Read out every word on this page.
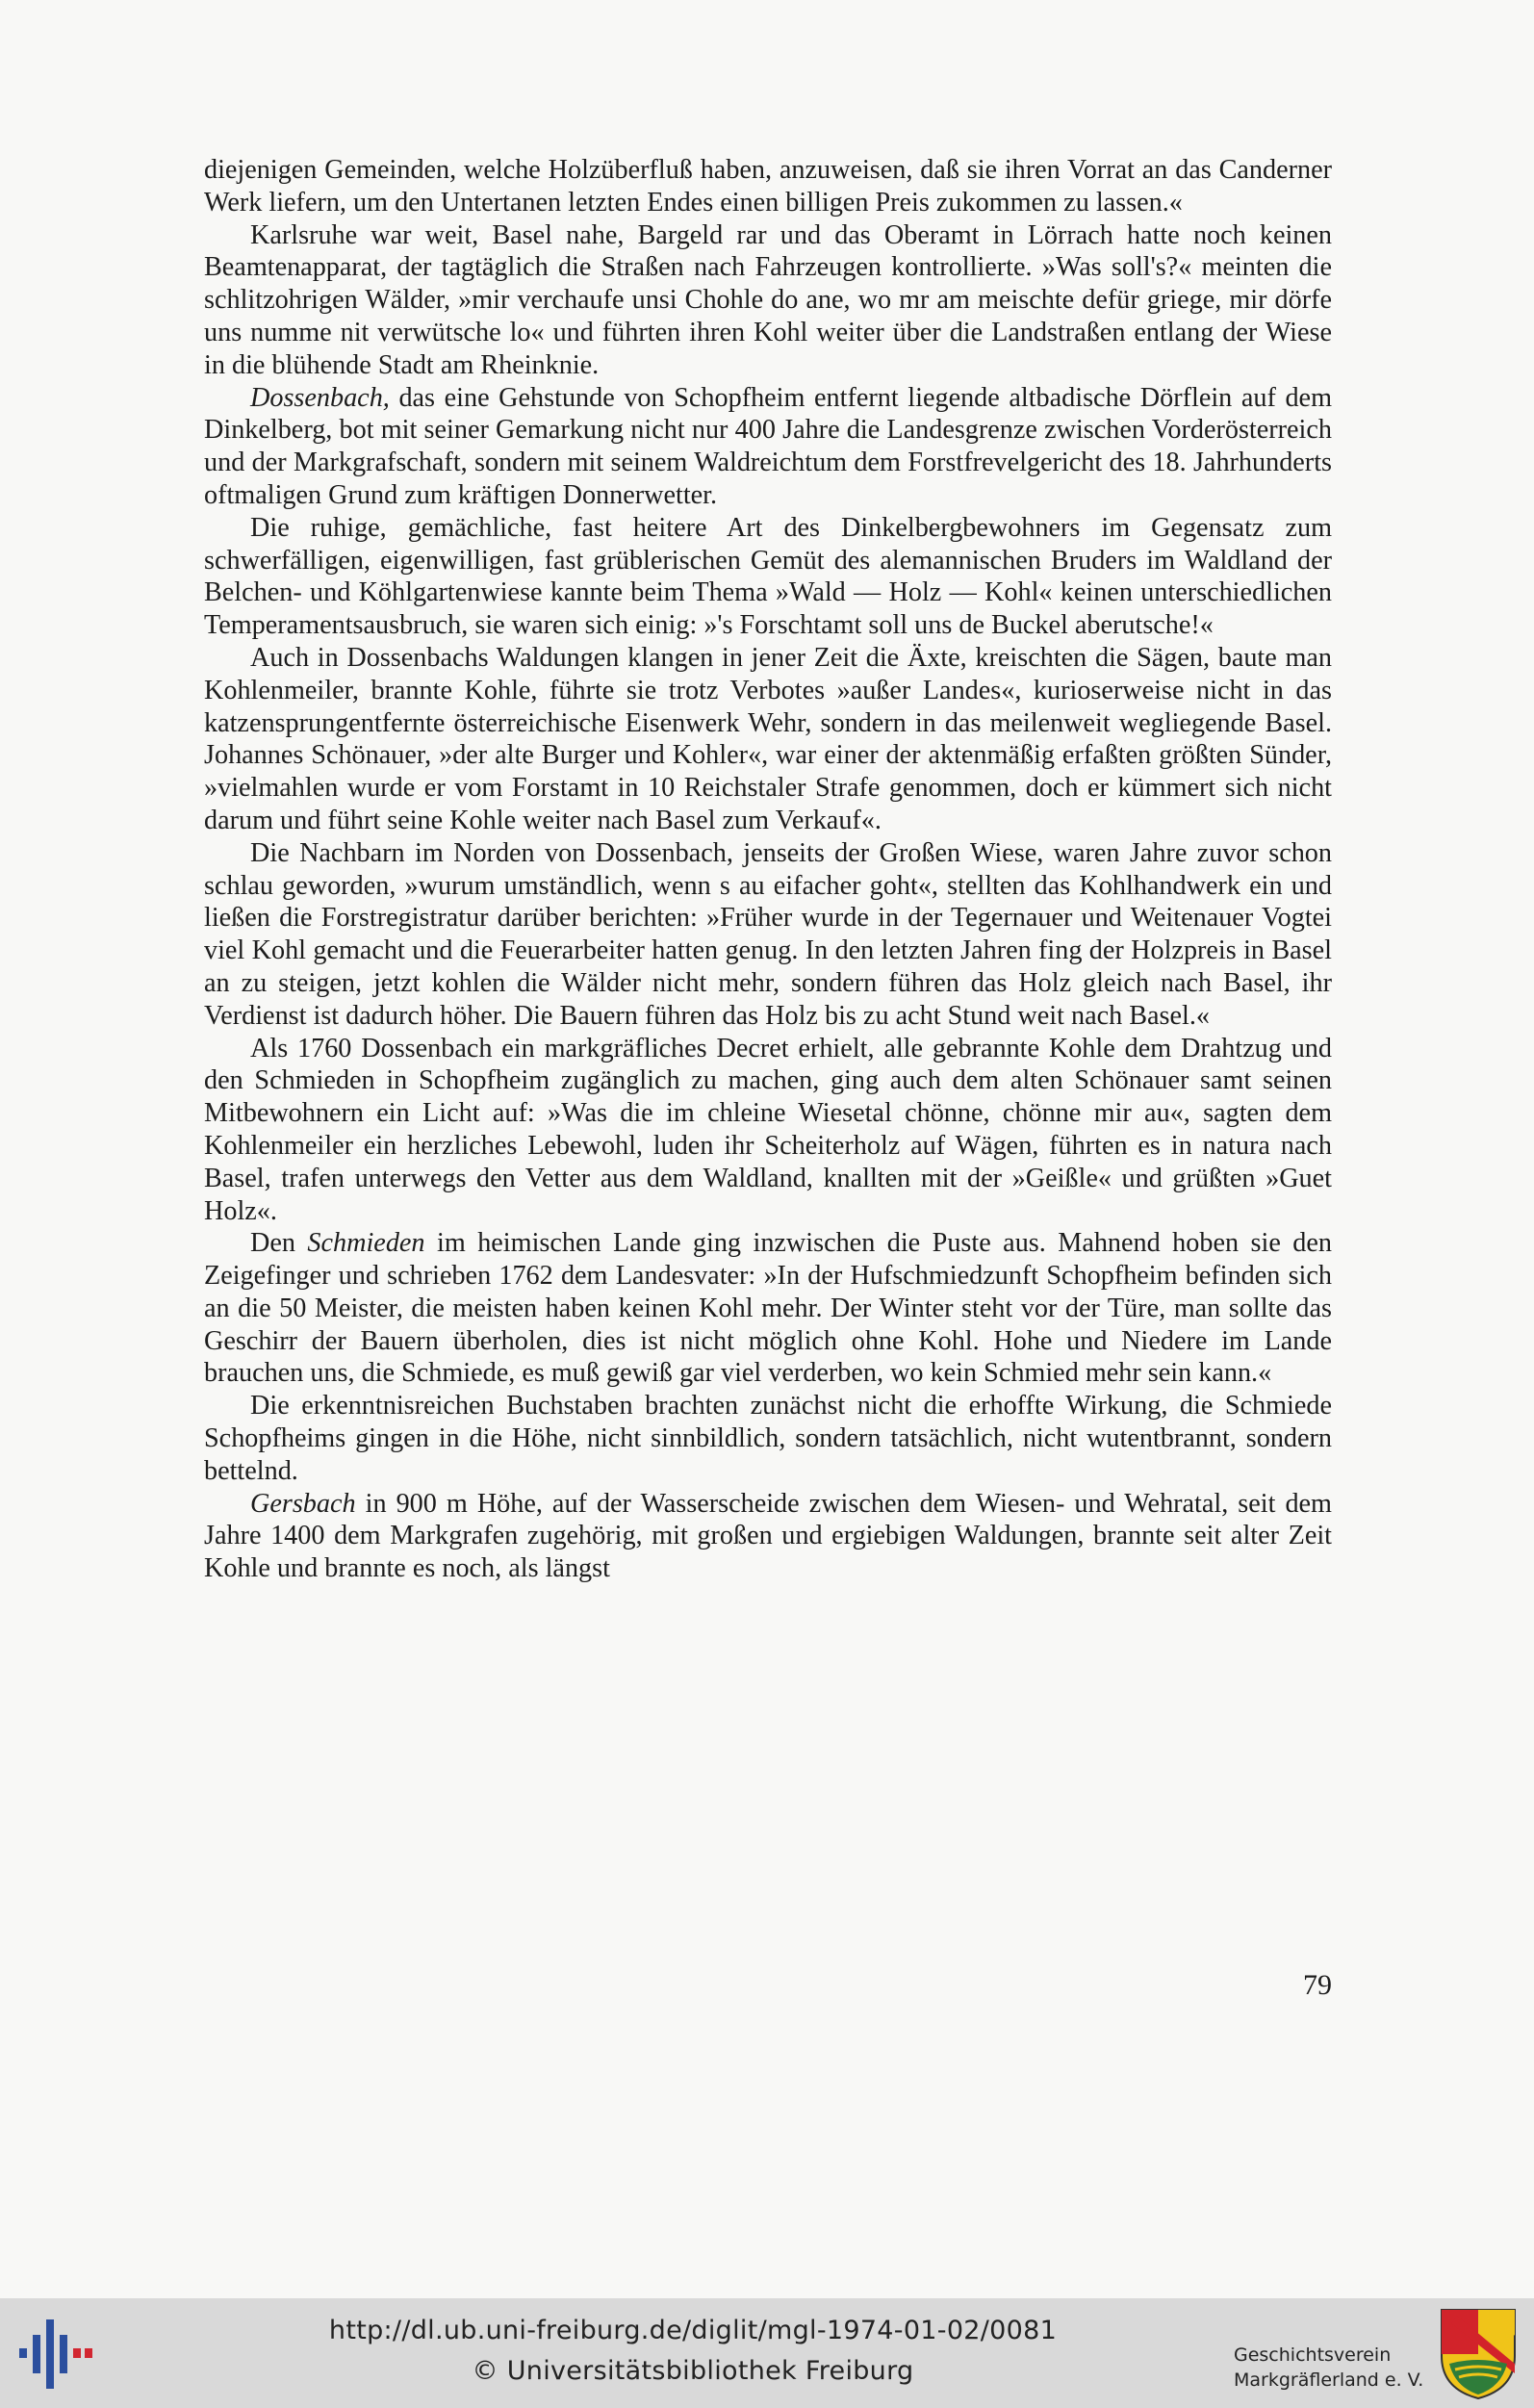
diejenigen Gemeinden, welche Holzüberfluß haben, anzuweisen, daß sie ihren Vorrat an das Canderner Werk liefern, um den Untertanen letzten Endes einen billigen Preis zukommen zu lassen.«

Karlsruhe war weit, Basel nahe, Bargeld rar und das Oberamt in Lörrach hatte noch keinen Beamtenapparat, der tagtäglich die Straßen nach Fahrzeugen kontrollierte. »Was soll's?« meinten die schlitzohrigen Wälder, »mir verchaufe unsi Chohle do ane, wo mr am meischte defür griege, mir dörfe uns numme nit verwütsche lo« und führten ihren Kohl weiter über die Landstraßen entlang der Wiese in die blühende Stadt am Rheinknie.

Dossenbach, das eine Gehstunde von Schopfheim entfernt liegende altbadische Dörflein auf dem Dinkelberg, bot mit seiner Gemarkung nicht nur 400 Jahre die Landesgrenze zwischen Vorderösterreich und der Markgrafschaft, sondern mit seinem Waldreichtum dem Forstfrevelgericht des 18. Jahrhunderts oftmaligen Grund zum kräftigen Donnerwetter.

Die ruhige, gemächliche, fast heitere Art des Dinkelbergbewohners im Gegensatz zum schwerfälligen, eigenwilligen, fast grüblerischen Gemüt des alemannischen Bruders im Waldland der Belchen- und Köhlgartenwiese kannte beim Thema »Wald — Holz — Kohl« keinen unterschiedlichen Temperamentsausbruch, sie waren sich einig: »'s Forschtamt soll uns de Buckel aberutsche!«

Auch in Dossenbachs Waldungen klangen in jener Zeit die Äxte, kreischten die Sägen, baute man Kohlenmeiler, brannte Kohle, führte sie trotz Verbotes »außer Landes«, kurioserweise nicht in das katzensprungentfernte österreichische Eisenwerk Wehr, sondern in das meilenweit wegliegende Basel. Johannes Schönauer, »der alte Burger und Kohler«, war einer der aktenmäßig erfaßten größten Sünder, »vielmahlen wurde er vom Forstamt in 10 Reichstaler Strafe genommen, doch er kümmert sich nicht darum und führt seine Kohle weiter nach Basel zum Verkauf«.

Die Nachbarn im Norden von Dossenbach, jenseits der Großen Wiese, waren Jahre zuvor schon schlau geworden, »wurum umständlich, wenn s au eifacher goht«, stellten das Kohlhandwerk ein und ließen die Forstregistratur darüber berichten: »Früher wurde in der Tegernauer und Weitenauer Vogtei viel Kohl gemacht und die Feuerarbeiter hatten genug. In den letzten Jahren fing der Holzpreis in Basel an zu steigen, jetzt kohlen die Wälder nicht mehr, sondern führen das Holz gleich nach Basel, ihr Verdienst ist dadurch höher. Die Bauern führen das Holz bis zu acht Stund weit nach Basel.«

Als 1760 Dossenbach ein markgräfliches Decret erhielt, alle gebrannte Kohle dem Drahtzug und den Schmieden in Schopfheim zugänglich zu machen, ging auch dem alten Schönauer samt seinen Mitbewohnern ein Licht auf: »Was die im chleine Wiesetal chönne, chönne mir au«, sagten dem Kohlenmeiler ein herzliches Lebewohl, luden ihr Scheiterholz auf Wägen, führten es in natura nach Basel, trafen unterwegs den Vetter aus dem Waldland, knallten mit der »Geißle« und grüßten »Guet Holz«.

Den Schmieden im heimischen Lande ging inzwischen die Puste aus. Mahnend hoben sie den Zeigefinger und schrieben 1762 dem Landesvater: »In der Hufschmiedzunft Schopfheim befinden sich an die 50 Meister, die meisten haben keinen Kohl mehr. Der Winter steht vor der Türe, man sollte das Geschirr der Bauern überholen, dies ist nicht möglich ohne Kohl. Hohe und Niedere im Lande brauchen uns, die Schmiede, es muß gewiß gar viel verderben, wo kein Schmied mehr sein kann.«

Die erkenntnisreichen Buchstaben brachten zunächst nicht die erhoffte Wirkung, die Schmiede Schopfheims gingen in die Höhe, nicht sinnbildlich, sondern tatsächlich, nicht wutentbrannt, sondern bettelnd.

Gersbach in 900 m Höhe, auf der Wasserscheide zwischen dem Wiesen- und Wehratal, seit dem Jahre 1400 dem Markgrafen zugehörig, mit großen und ergiebigen Waldungen, brannte seit alter Zeit Kohle und brannte es noch, als längst

79
http://dl.ub.uni-freiburg.de/diglit/mgl-1974-01-02/0081
© Universitätsbibliothek Freiburg
Geschichtsverein
Markgräflerland e. V.
